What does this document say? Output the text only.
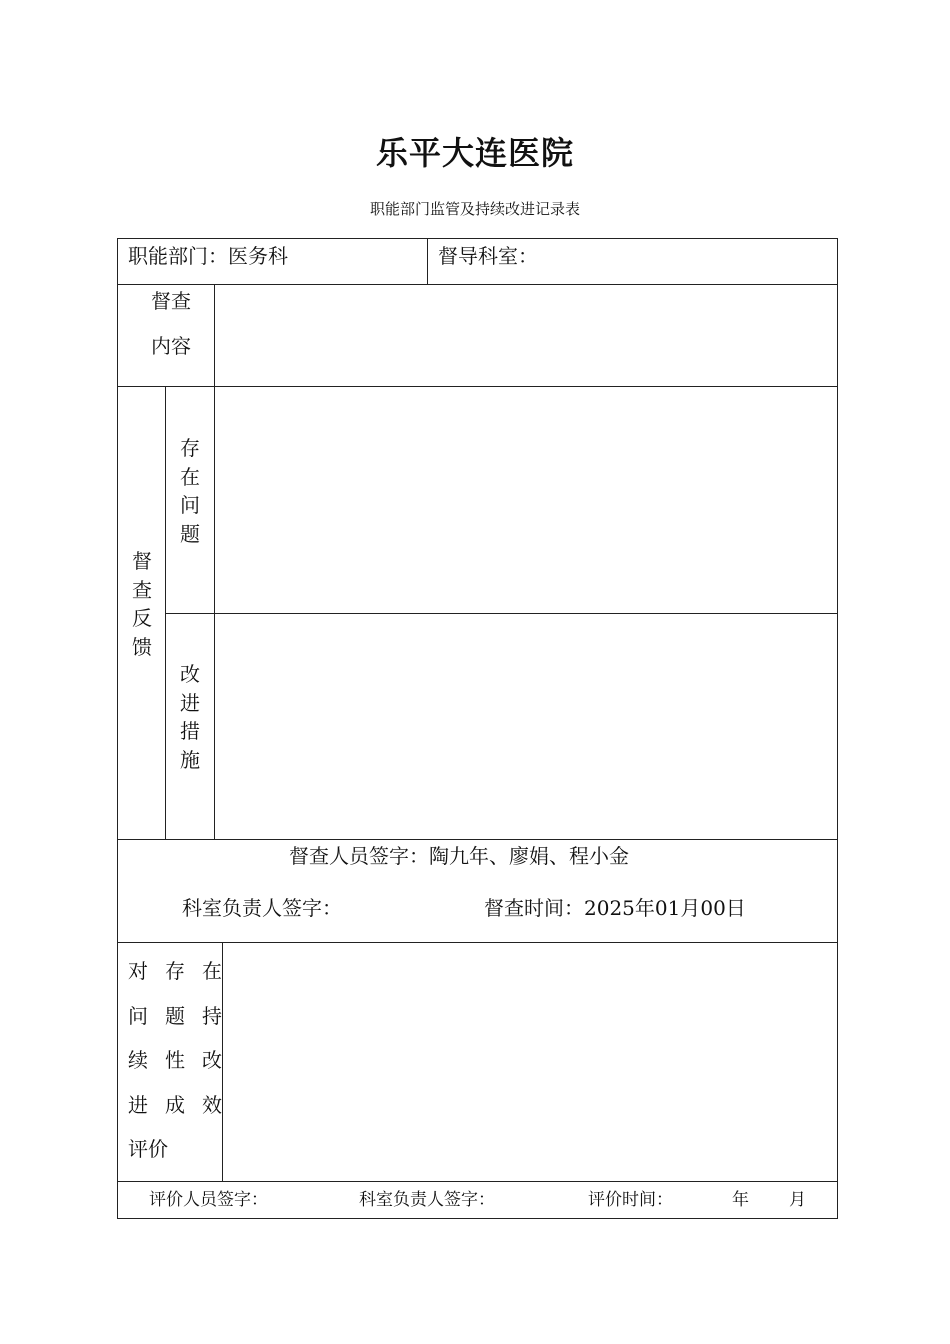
乐平大连医院
职能部门监管及持续改进记录表
职能部门：医务科	督导科室：
督查
内容
督
查
反
馈
存
在
问
题
改
进
措
施
督查人员签字：陶九年、廖娟、程小金
科室负责人签字：	督查时间：2025年01月00日
对 存 在
问 题 持
续 性 改
进 成 效
评价
评价人员签字：	科室负责人签字：	评价时间：	年 月
